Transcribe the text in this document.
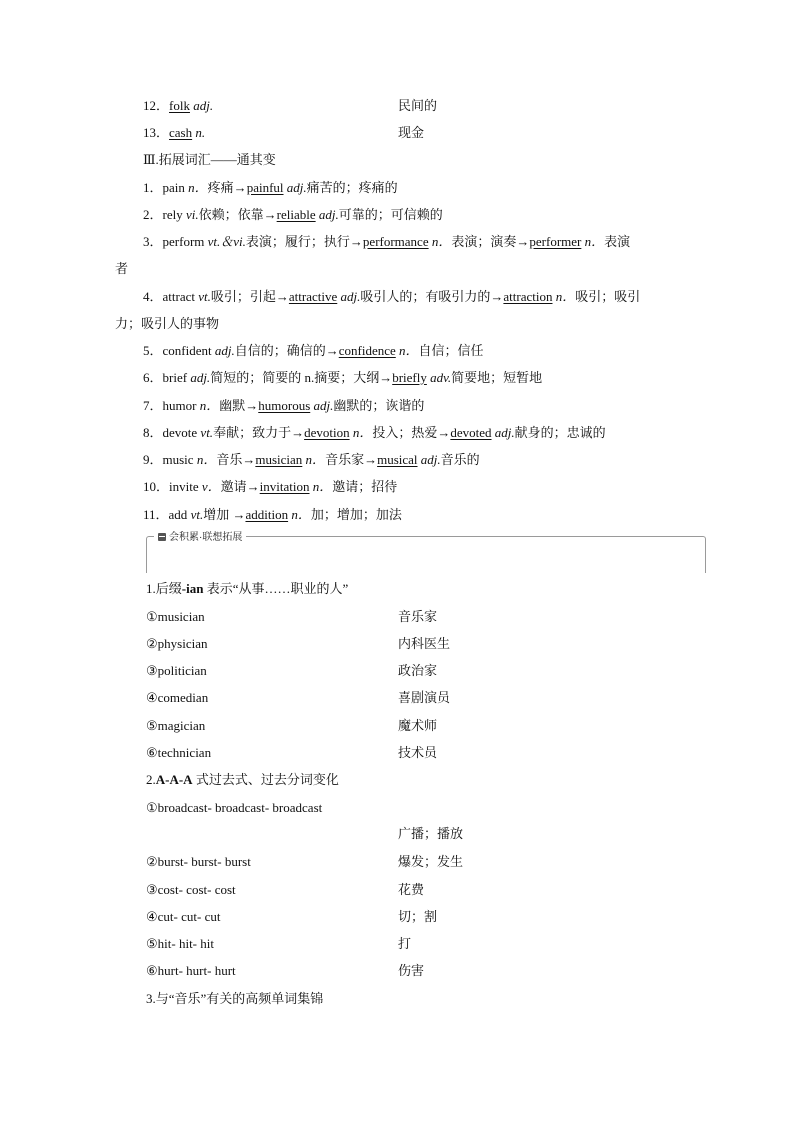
12．folk adj.	民间的
13．cash n.	现金
Ⅲ.拓展词汇——通其变
1．pain n．疼痛→painful adj.痛苦的；疼痛的
2．rely vi.依赖；依靠→reliable adj.可靠的；可信赖的
3．perform vt.＆vi.表演；履行；执行→performance n．表演；演奏→performer n．表演
者
4．attract vt.吸引；引起→attractive adj.吸引人的；有吸引力的→attraction n．吸引；吸引
力；吸引人的事物
5．confident adj.自信的；确信的→confidence n．自信；信任
6．brief adj.简短的；简要的 n.摘要；大纲→briefly adv.简要地；短暂地
7．humor n．幽默→humorous adj.幽默的；诙谐的
8．devote vt.奉献；致力于→devotion n．投入；热爱→devoted adj.献身的；忠诚的
9．music n．音乐→musician n．音乐家→musical adj.音乐的
10．invite v．邀请→invitation n．邀请；招待
11．add vt.增加 →addition n．加；增加；加法
会积累·联想拓展
1.后缀-ian 表示“从事……职业的人”
①musician	音乐家
②physician	内科医生
③politician	政治家
④comedian	喜剧演员
⑤magician	魔术师
⑥technician	技术员
2.A-A-A 式过去式、过去分词变化
①broadcast- broadcast- broadcast
广播；播放
②burst- burst- burst	爆发；发生
③cost- cost- cost	花费
④cut- cut- cut	切；割
⑤hit- hit- hit	打
⑥hurt- hurt- hurt	伤害
3.与“音乐”有关的高频单词集锦
